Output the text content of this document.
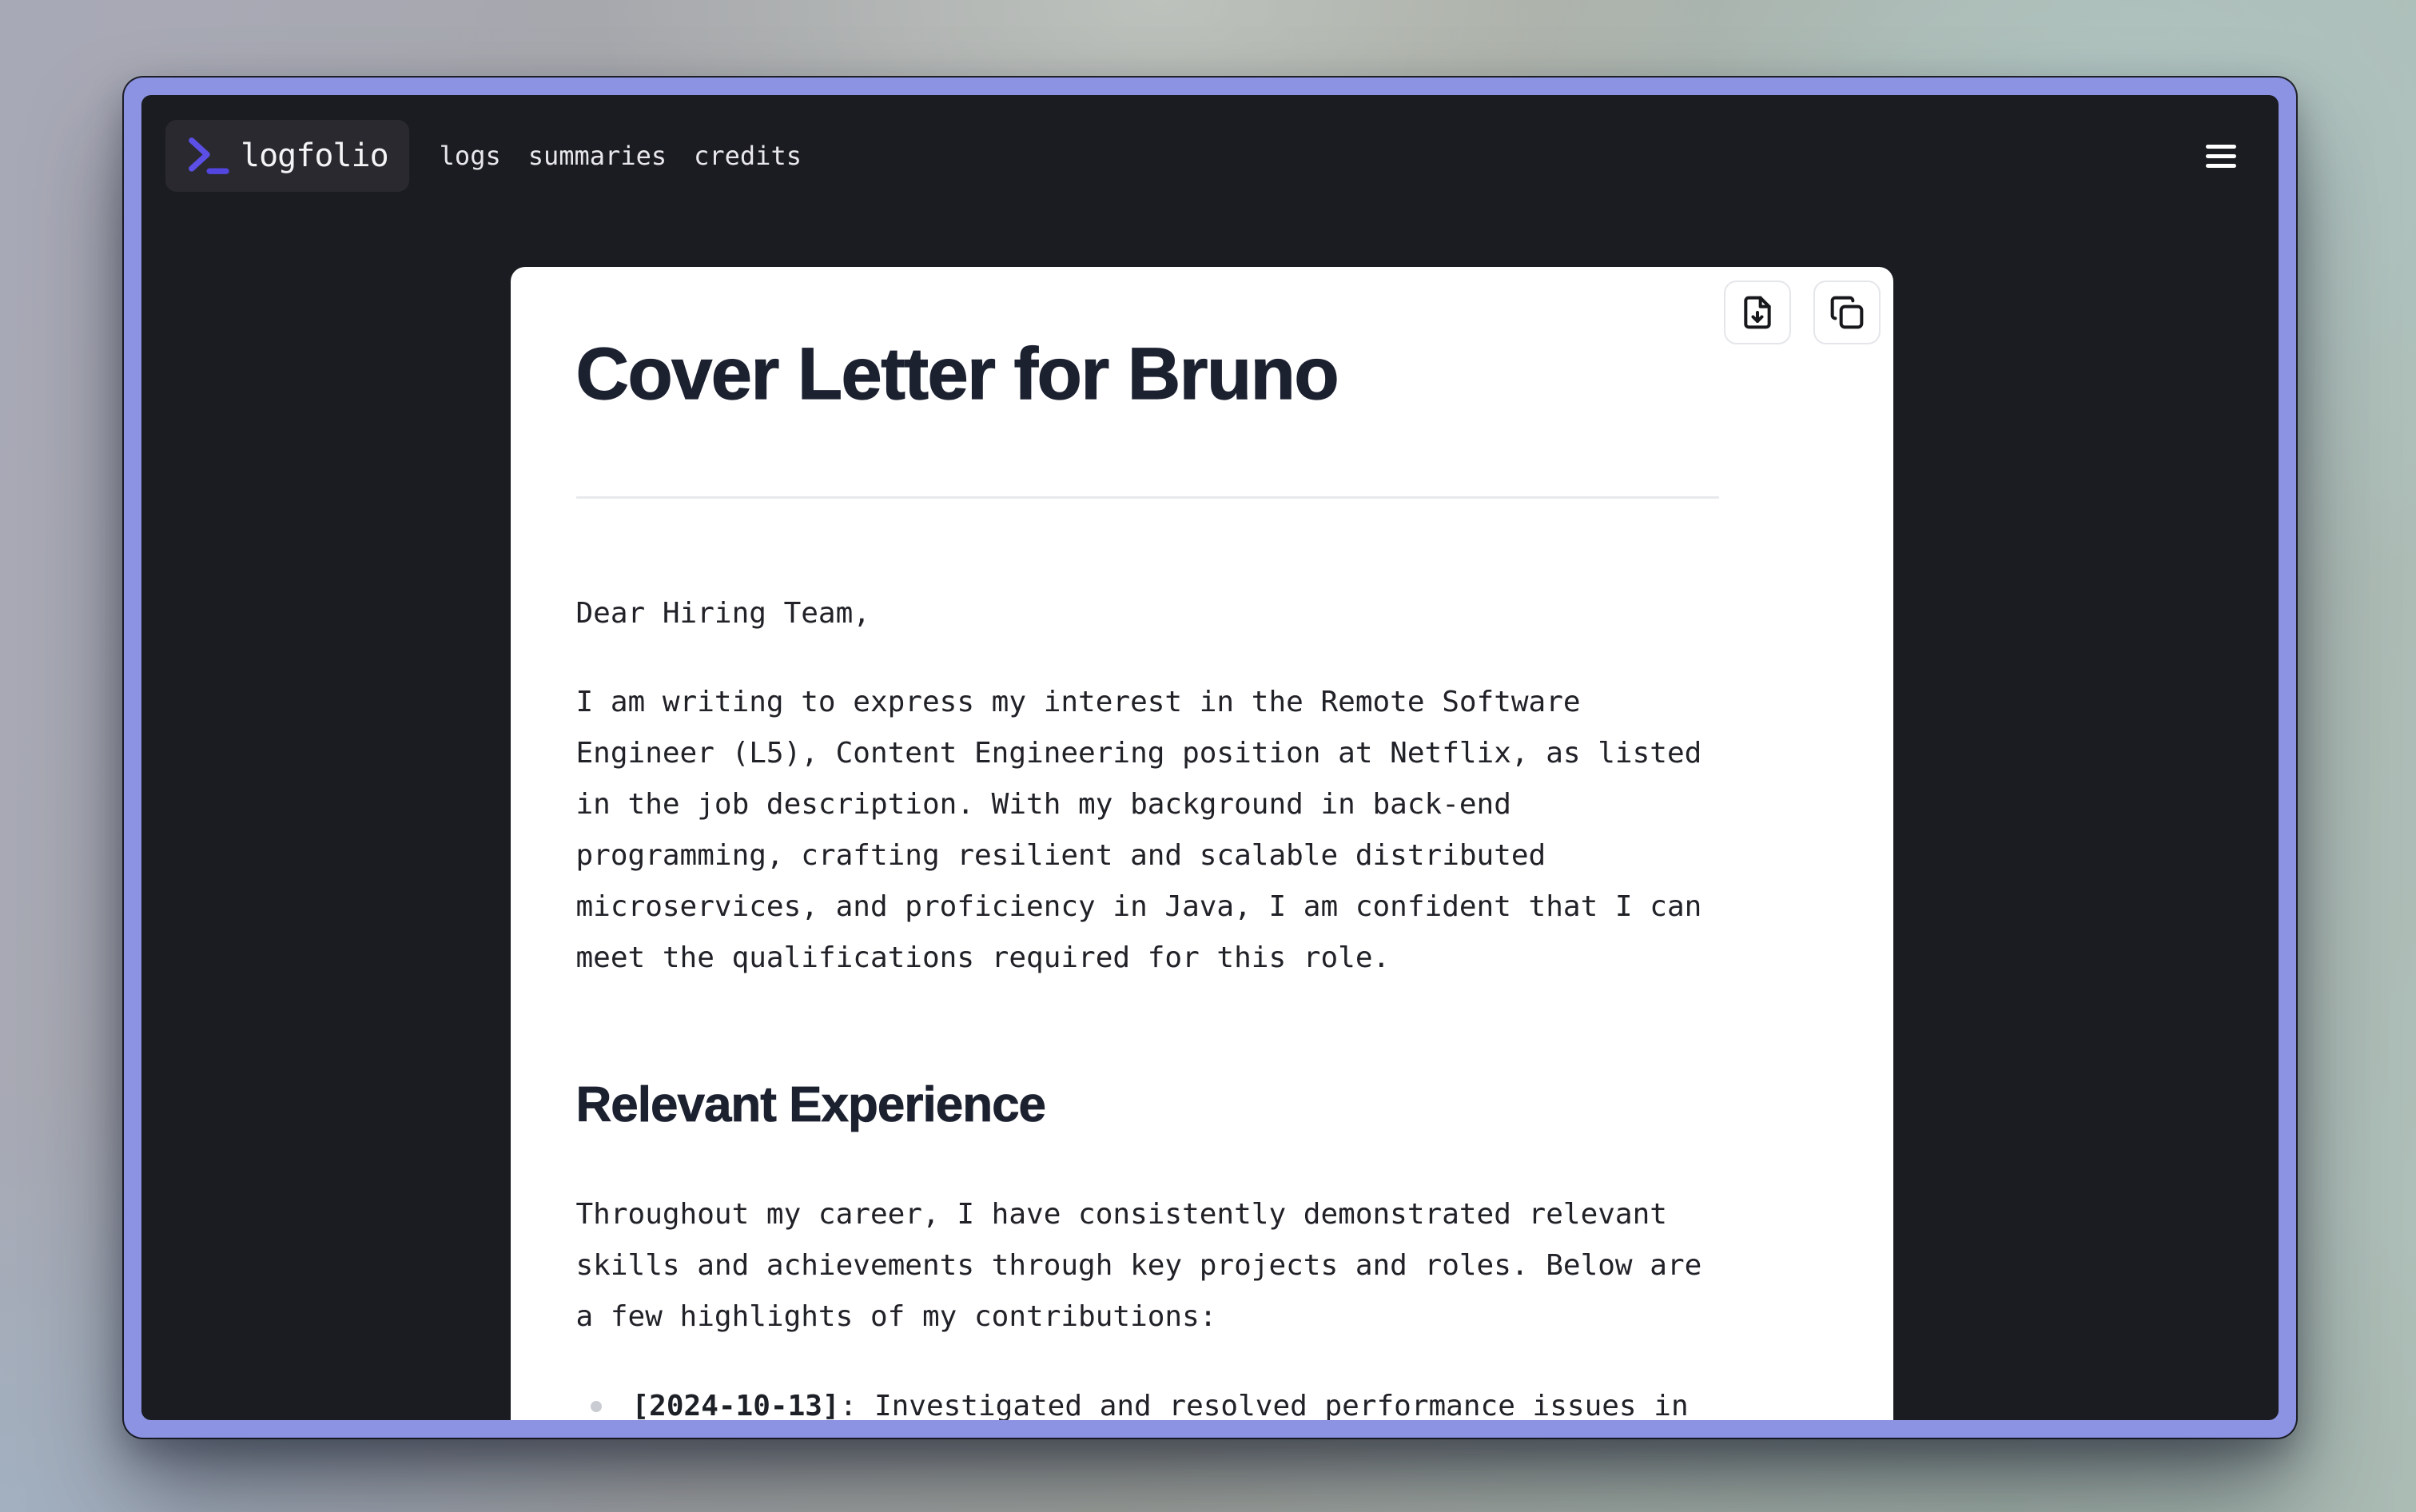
logfolio logs summaries credits
Cover Letter for Bruno

Dear Hiring Team,

I am writing to express my interest in the Remote Software Engineer (L5), Content Engineering position at Netflix, as listed in the job description. With my background in back-end programming, crafting resilient and scalable distributed microservices, and proficiency in Java, I am confident that I can meet the qualifications required for this role.

Relevant Experience

Throughout my career, I have consistently demonstrated relevant skills and achievements through key projects and roles. Below are a few highlights of my contributions:

[2024-10-13]: Investigated and resolved performance issues in
